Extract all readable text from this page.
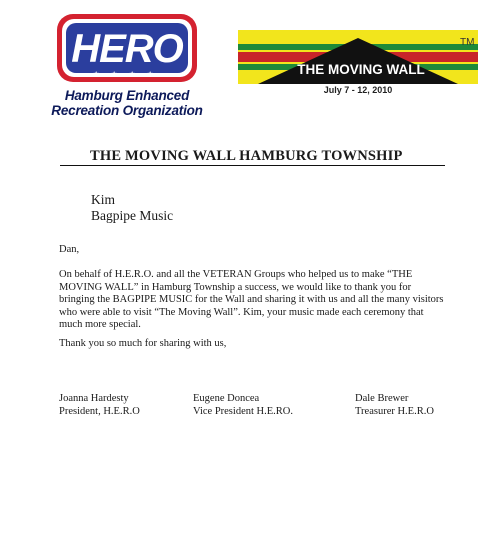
HERO
★ ★ ★ ★
Hamburg Enhanced
Recreation Organization
THE MOVING WALL
TM
July 7 - 12, 2010
THE MOVING WALL HAMBURG TOWNSHIP
Kim
Bagpipe Music
Dan,
On behalf of H.E.R.O. and all the VETERAN Groups who helped us to make “THE
MOVING WALL” in Hamburg Township a success, we would like to thank you for
bringing the BAGPIPE MUSIC for the Wall and sharing it with us and all the many visitors
who were able to visit “The Moving Wall”. Kim, your music made each ceremony that
much more special.
Thank you so much for sharing with us,
Joanna Hardesty
President, H.E.R.O
Eugene Doncea
Vice President H.E.RO.
Dale Brewer
Treasurer H.E.R.O
